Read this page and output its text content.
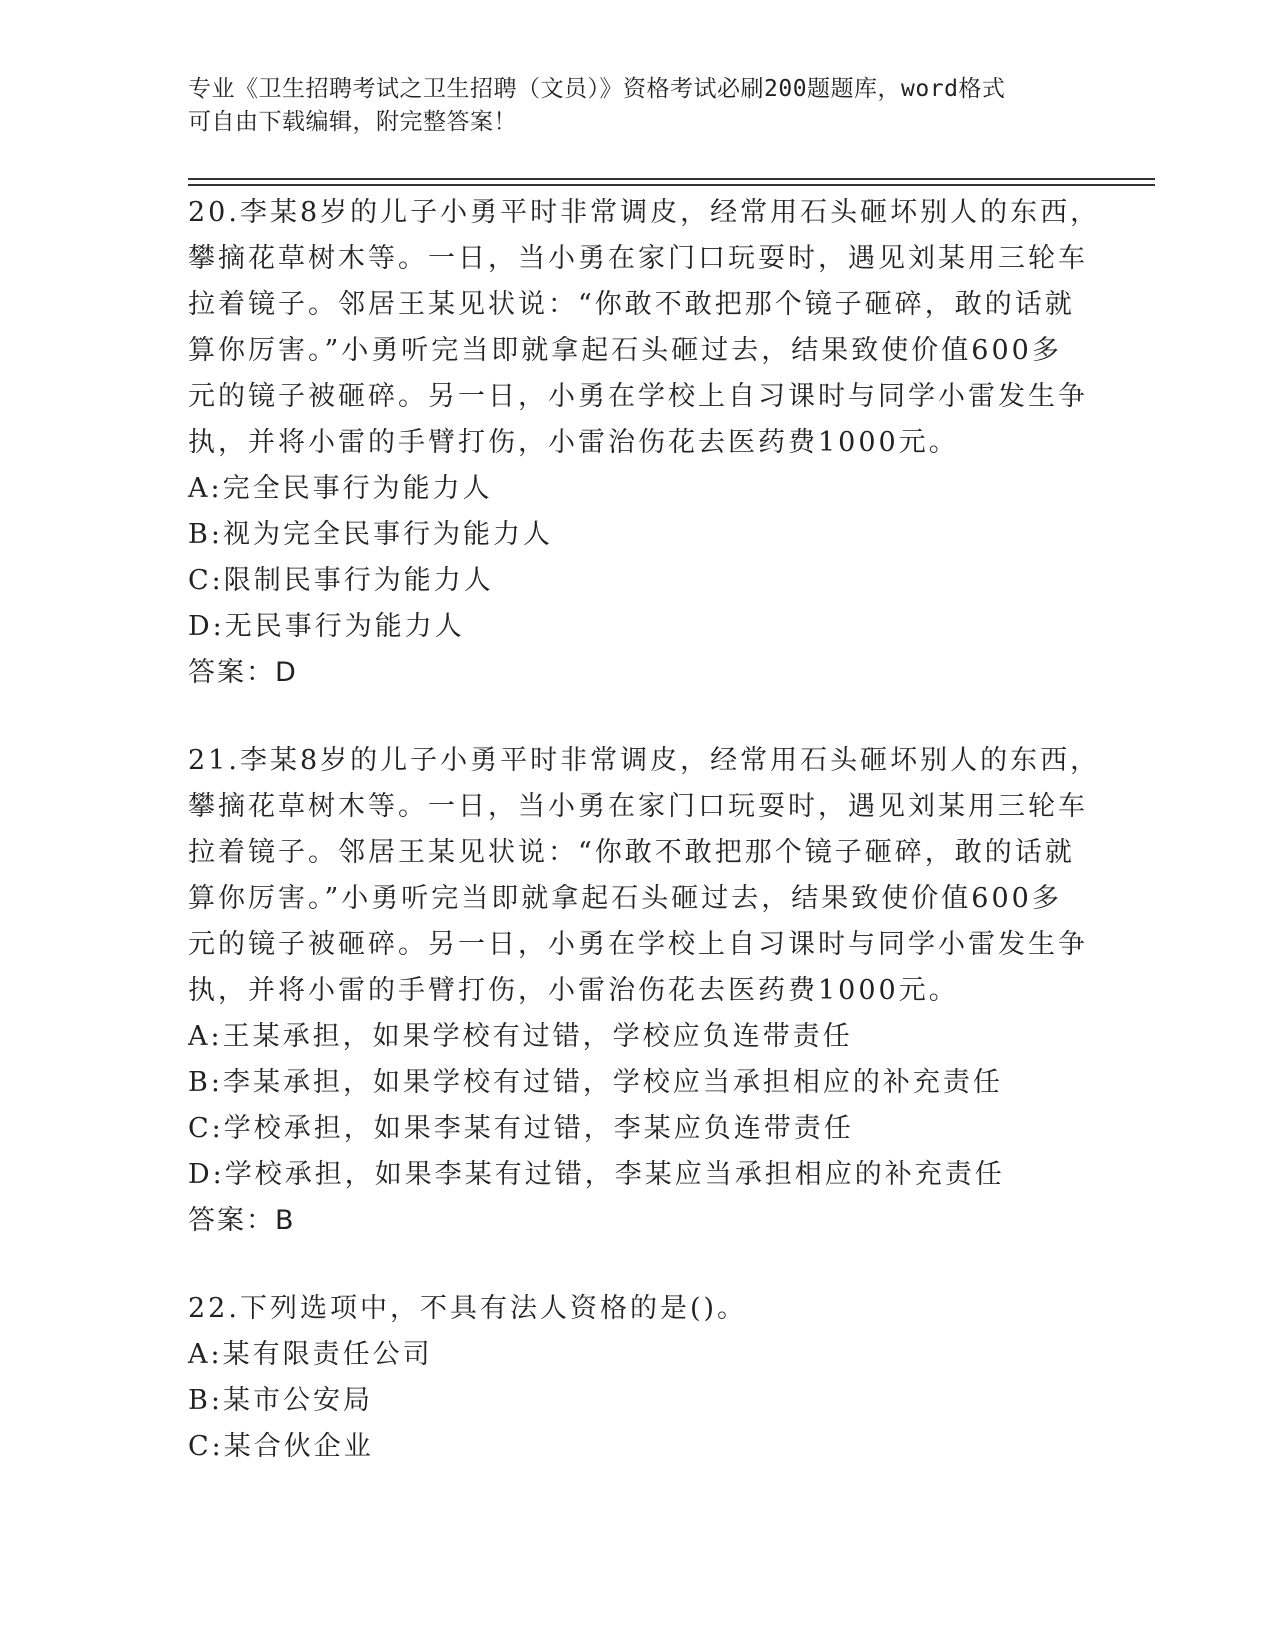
专业《卫生招聘考试之卫生招聘（文员）》资格考试必刷200题题库，word格式
可自由下载编辑，附完整答案！
20.李某8岁的儿子小勇平时非常调皮，经常用石头砸坏别人的东西，
攀摘花草树木等。一日，当小勇在家门口玩耍时，遇见刘某用三轮车
拉着镜子。邻居王某见状说：“你敢不敢把那个镜子砸碎，敢的话就
算你厉害。”小勇听完当即就拿起石头砸过去，结果致使价值600多
元的镜子被砸碎。另一日，小勇在学校上自习课时与同学小雷发生争
执，并将小雷的手臂打伤，小雷治伤花去医药费1000元。
A:完全民事行为能力人
B:视为完全民事行为能力人
C:限制民事行为能力人
D:无民事行为能力人
答案：D
21.李某8岁的儿子小勇平时非常调皮，经常用石头砸坏别人的东西，
攀摘花草树木等。一日，当小勇在家门口玩耍时，遇见刘某用三轮车
拉着镜子。邻居王某见状说：“你敢不敢把那个镜子砸碎，敢的话就
算你厉害。”小勇听完当即就拿起石头砸过去，结果致使价值600多
元的镜子被砸碎。另一日，小勇在学校上自习课时与同学小雷发生争
执，并将小雷的手臂打伤，小雷治伤花去医药费1000元。
A:王某承担，如果学校有过错，学校应负连带责任
B:李某承担，如果学校有过错，学校应当承担相应的补充责任
C:学校承担，如果李某有过错，李某应负连带责任
D:学校承担，如果李某有过错，李某应当承担相应的补充责任
答案：B
22.下列选项中，不具有法人资格的是()。
A:某有限责任公司
B:某市公安局
C:某合伙企业
